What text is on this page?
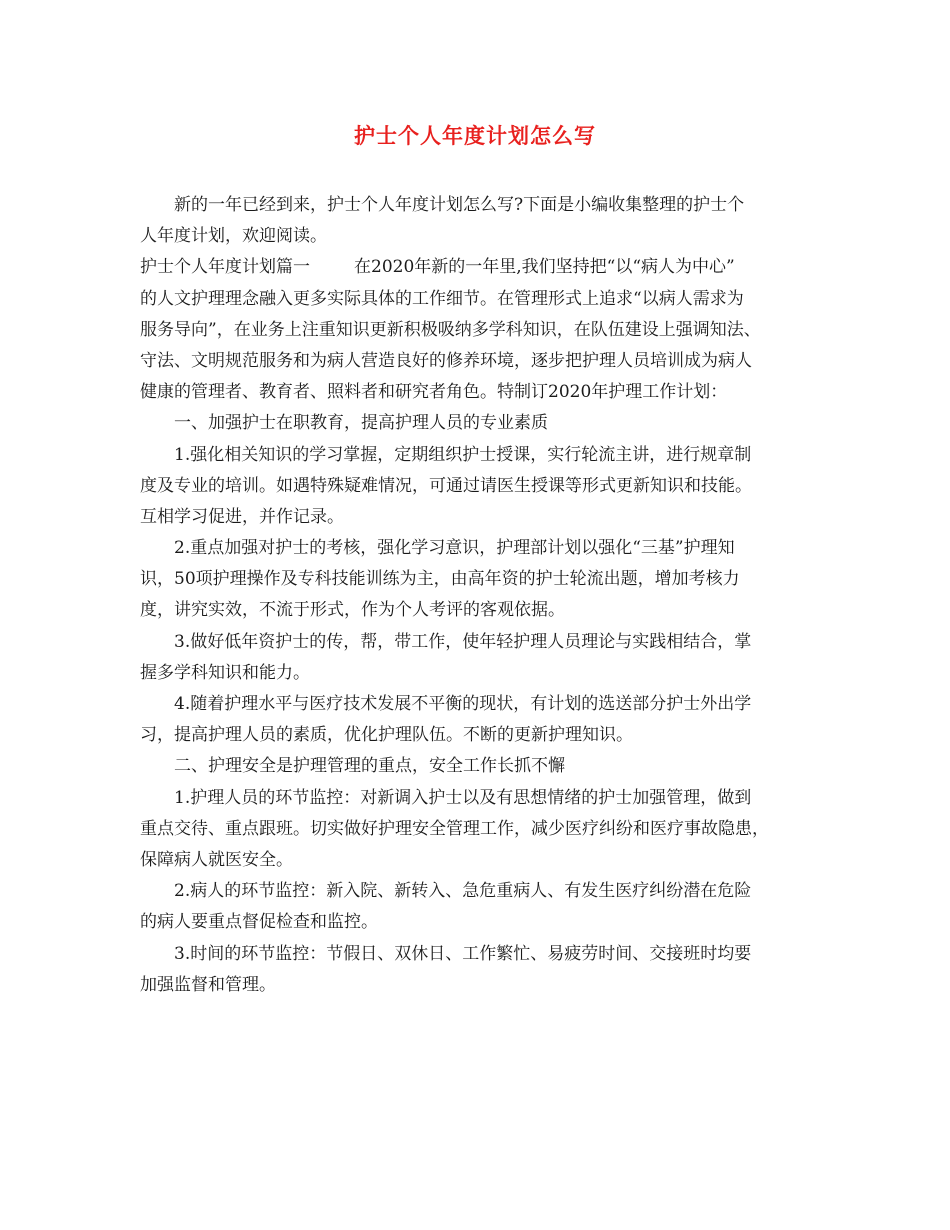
护士个人年度计划怎么写
新的一年已经到来，护士个人年度计划怎么写?下面是小编收集整理的护士个
人年度计划，欢迎阅读。
护士个人年度计划篇一	在2020年新的一年里,我们坚持把“以“病人为中心”
的人文护理理念融入更多实际具体的工作细节。在管理形式上追求“以病人需求为
服务导向”，在业务上注重知识更新积极吸纳多学科知识，在队伍建设上强调知法、
守法、文明规范服务和为病人营造良好的修养环境，逐步把护理人员培训成为病人
健康的管理者、教育者、照料者和研究者角色。特制订2020年护理工作计划：
一、加强护士在职教育，提高护理人员的专业素质
1.强化相关知识的学习掌握，定期组织护士授课，实行轮流主讲，进行规章制
度及专业的培训。如遇特殊疑难情况，可通过请医生授课等形式更新知识和技能。
互相学习促进，并作记录。
2.重点加强对护士的考核，强化学习意识，护理部计划以强化“三基”护理知
识，50项护理操作及专科技能训练为主，由高年资的护士轮流出题，增加考核力
度，讲究实效，不流于形式，作为个人考评的客观依据。
3.做好低年资护士的传，帮，带工作，使年轻护理人员理论与实践相结合，掌
握多学科知识和能力。
4.随着护理水平与医疗技术发展不平衡的现状，有计划的选送部分护士外出学
习，提高护理人员的素质，优化护理队伍。不断的更新护理知识。
二、护理安全是护理管理的重点，安全工作长抓不懈
1.护理人员的环节监控：对新调入护士以及有思想情绪的护士加强管理，做到
重点交待、重点跟班。切实做好护理安全管理工作，减少医疗纠纷和医疗事故隐患，
保障病人就医安全。
2.病人的环节监控：新入院、新转入、急危重病人、有发生医疗纠纷潜在危险
的病人要重点督促检查和监控。
3.时间的环节监控：节假日、双休日、工作繁忙、易疲劳时间、交接班时均要
加强监督和管理。
